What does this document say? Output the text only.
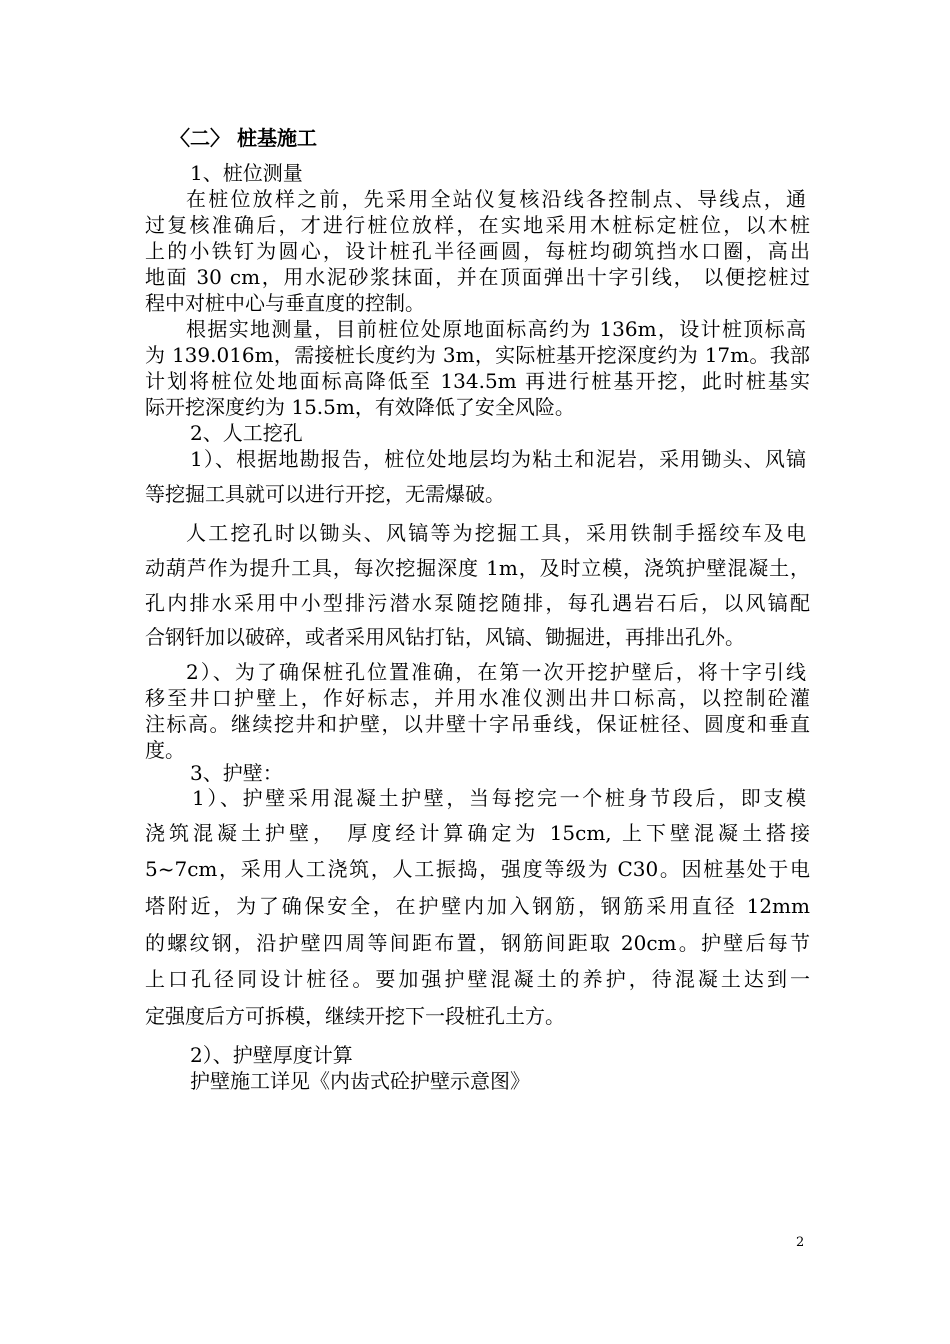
〈二〉 桩基施工
1、桩位测量
在桩位放样之前，先采用全站仪复核沿线各控制点、导线点，通
过复核准确后，才进行桩位放样，在实地采用木桩标定桩位，以木桩
上的小铁钉为圆心，设计桩孔半径画圆，每桩均砌筑挡水口圈，高出
地面 30 cm，用水泥砂浆抹面，并在顶面弹出十字引线， 以便挖桩过
程中对桩中心与垂直度的控制。
根据实地测量，目前桩位处原地面标高约为 136m，设计桩顶标高
为 139.016m，需接桩长度约为 3m，实际桩基开挖深度约为 17m。我部
计划将桩位处地面标高降低至 134.5m 再进行桩基开挖，此时桩基实
际开挖深度约为 15.5m，有效降低了安全风险。
2、人工挖孔
1）、根据地勘报告，桩位处地层均为粘土和泥岩，采用锄头、风镐
等挖掘工具就可以进行开挖，无需爆破。
人工挖孔时以锄头、风镐等为挖掘工具，采用铁制手摇绞车及电
动葫芦作为提升工具，每次挖掘深度 1m，及时立模，浇筑护壁混凝土，
孔内排水采用中小型排污潜水泵随挖随排，每孔遇岩石后，以风镐配
合钢钎加以破碎，或者采用风钻打钻，风镐、锄掘进，再排出孔外。
2）、为了确保桩孔位置准确，在第一次开挖护壁后，将十字引线
移至井口护壁上，作好标志，并用水准仪测出井口标高，以控制砼灌
注标高。继续挖井和护壁，以井壁十字吊垂线，保证桩径、圆度和垂直
度。
3、护壁：
1）、护壁采用混凝土护壁，当每挖完一个桩身节段后，即支模
浇筑混凝土护壁， 厚度经计算确定为 15cm, 上下壁混凝土搭接
5~7cm，采用人工浇筑，人工振捣，强度等级为 C30。因桩基处于电
塔附近，为了确保安全，在护壁内加入钢筋，钢筋采用直径 12mm
的螺纹钢，沿护壁四周等间距布置，钢筋间距取 20cm。护壁后每节
上口孔径同设计桩径。要加强护壁混凝土的养护，待混凝土达到一
定强度后方可拆模，继续开挖下一段桩孔土方。
2）、护壁厚度计算
护壁施工详见《内齿式砼护壁示意图》
2
